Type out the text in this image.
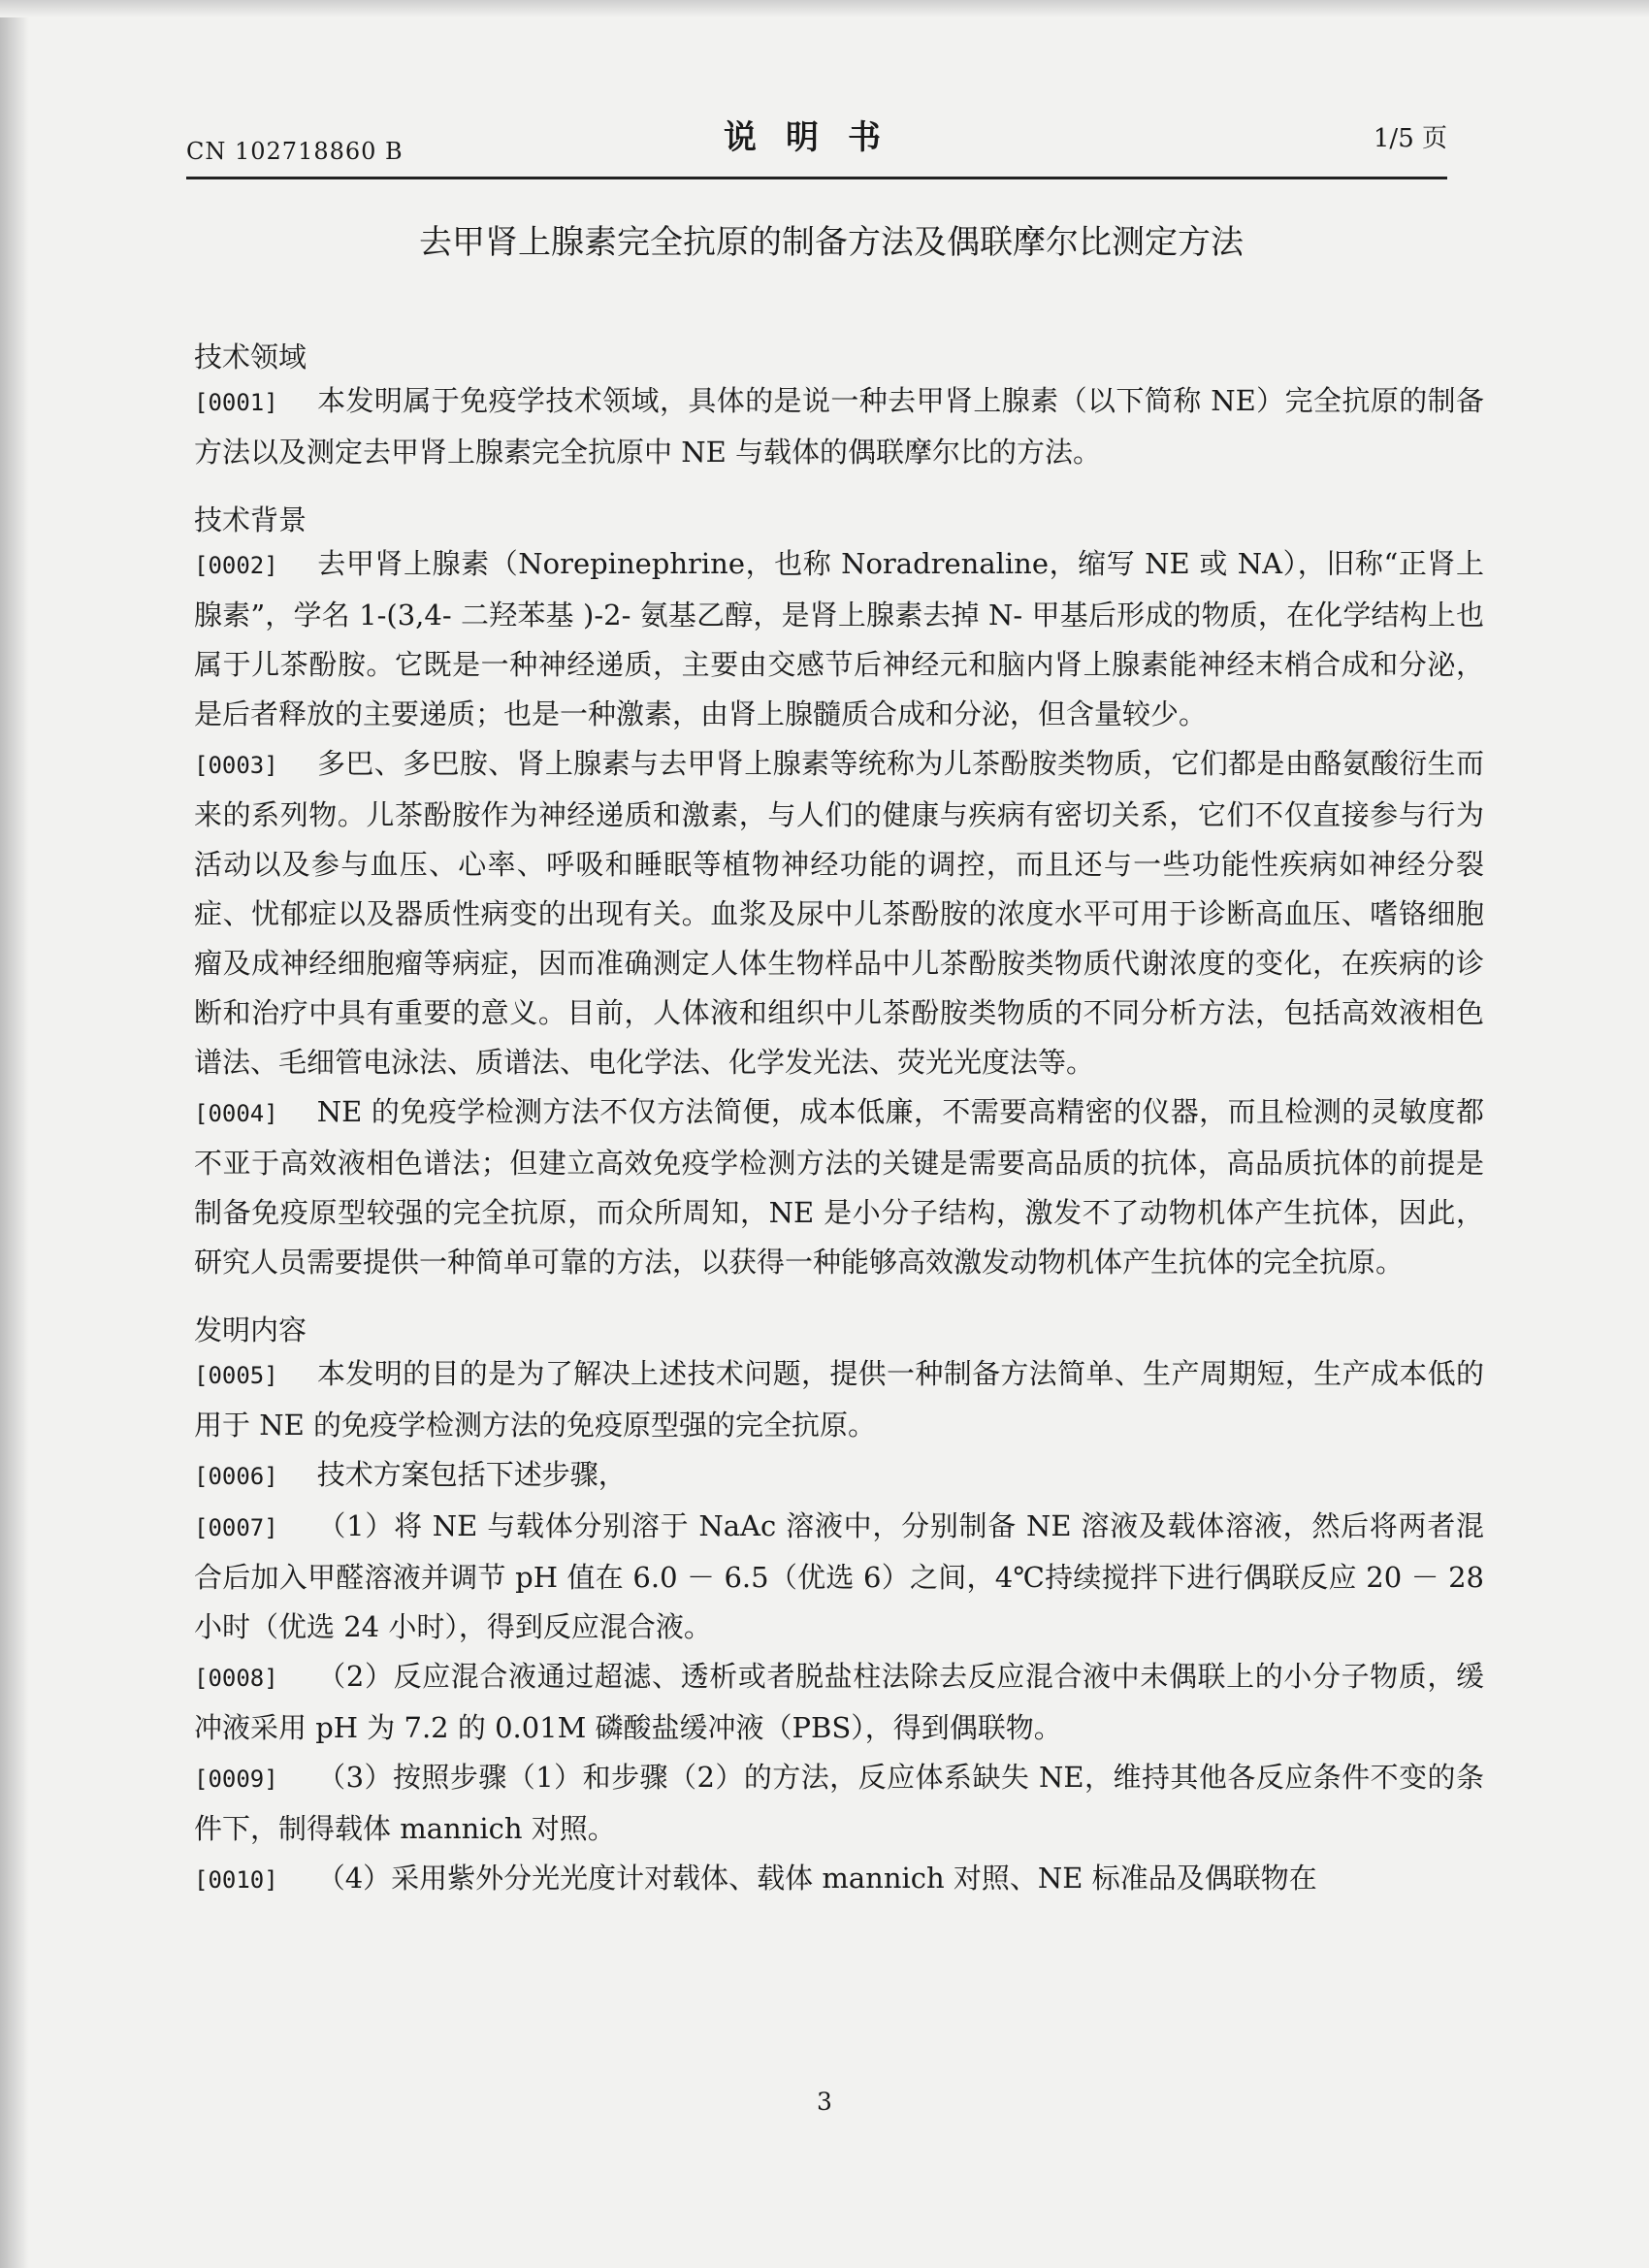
CN 102718860 B	说明书	1/5 页
去甲肾上腺素完全抗原的制备方法及偶联摩尔比测定方法

技术领域

[0001] 本发明属于免疫学技术领域，具体的是说一种去甲肾上腺素（以下简称 NE）完全抗原的制备方法以及测定去甲肾上腺素完全抗原中 NE 与载体的偶联摩尔比的方法。

技术背景

[0002] 去甲肾上腺素（Norepinephrine，也称 Noradrenaline，缩写 NE 或 NA），旧称“正肾上腺素”，学名 1-(3,4- 二羟苯基 )-2- 氨基乙醇，是肾上腺素去掉 N- 甲基后形成的物质，在化学结构上也属于儿茶酚胺。它既是一种神经递质，主要由交感节后神经元和脑内肾上腺素能神经末梢合成和分泌，是后者释放的主要递质；也是一种激素，由肾上腺髓质合成和分泌，但含量较少。

[0003] 多巴、多巴胺、肾上腺素与去甲肾上腺素等统称为儿茶酚胺类物质，它们都是由酪氨酸衍生而来的系列物。儿茶酚胺作为神经递质和激素，与人们的健康与疾病有密切关系，它们不仅直接参与行为活动以及参与血压、心率、呼吸和睡眠等植物神经功能的调控，而且还与一些功能性疾病如神经分裂症、忧郁症以及器质性病变的出现有关。血浆及尿中儿茶酚胺的浓度水平可用于诊断高血压、嗜铬细胞瘤及成神经细胞瘤等病症，因而准确测定人体生物样品中儿茶酚胺类物质代谢浓度的变化，在疾病的诊断和治疗中具有重要的意义。目前，人体液和组织中儿茶酚胺类物质的不同分析方法，包括高效液相色谱法、毛细管电泳法、质谱法、电化学法、化学发光法、荧光光度法等。

[0004] NE 的免疫学检测方法不仅方法简便，成本低廉，不需要高精密的仪器，而且检测的灵敏度都不亚于高效液相色谱法；但建立高效免疫学检测方法的关键是需要高品质的抗体，高品质抗体的前提是制备免疫原型较强的完全抗原，而众所周知，NE 是小分子结构，激发不了动物机体产生抗体，因此，研究人员需要提供一种简单可靠的方法，以获得一种能够高效激发动物机体产生抗体的完全抗原。

发明内容

[0005] 本发明的目的是为了解决上述技术问题，提供一种制备方法简单、生产周期短，生产成本低的用于 NE 的免疫学检测方法的免疫原型强的完全抗原。

[0006] 技术方案包括下述步骤，

[0007] （1）将 NE 与载体分别溶于 NaAc 溶液中，分别制备 NE 溶液及载体溶液，然后将两者混合后加入甲醛溶液并调节 pH 值在 6.0 － 6.5（优选 6）之间，4℃持续搅拌下进行偶联反应 20 － 28 小时（优选 24 小时），得到反应混合液。

[0008] （2）反应混合液通过超滤、透析或者脱盐柱法除去反应混合液中未偶联上的小分子物质，缓冲液采用 pH 为 7.2 的 0.01M 磷酸盐缓冲液（PBS），得到偶联物。

[0009] （3）按照步骤（1）和步骤（2）的方法，反应体系缺失 NE，维持其他各反应条件不变的条件下，制得载体 mannich 对照。

[0010] （4）采用紫外分光光度计对载体、载体 mannich 对照、NE 标准品及偶联物在

3
